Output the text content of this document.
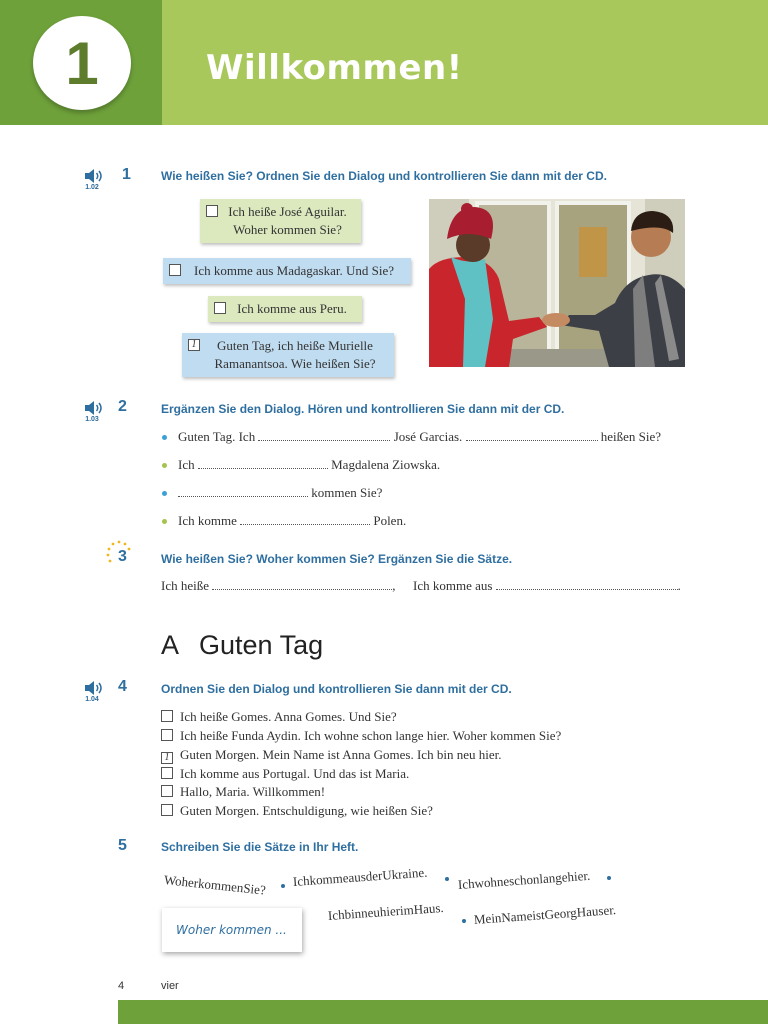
1	Willkommen!
1.02
1	Wie heißen Sie? Ordnen Sie den Dialog und kontrollieren Sie dann mit der CD.
Ich heiße José Aguilar.
Woher kommen Sie?
Ich komme aus Madagaskar. Und Sie?
Ich komme aus Peru.
1	Guten Tag, ich heiße Murielle
Ramanantsoa. Wie heißen Sie?
1.03
2	Ergänzen Sie den Dialog. Hören und kontrollieren Sie dann mit der CD.
Guten Tag. Ich	José Garcias.	heißen Sie?
Ich	Magdalena Ziowska.
kommen Sie?
Ich komme	Polen.
3	Wie heißen Sie? Woher kommen Sie? Ergänzen Sie die Sätze.
Ich heiße	, Ich komme aus	.
A Guten Tag
1.04
4	Ordnen Sie den Dialog und kontrollieren Sie dann mit der CD.
Ich heiße Gomes. Anna Gomes. Und Sie?
Ich heiße Funda Aydin. Ich wohne schon lange hier. Woher kommen Sie?
1 Guten Morgen. Mein Name ist Anna Gomes. Ich bin neu hier.
Ich komme aus Portugal. Und das ist Maria.
Hallo, Maria. Willkommen!
Guten Morgen. Entschuldigung, wie heißen Sie?
5	Schreiben Sie die Sätze in Ihr Heft.
WoherkommenSie? IchkommeausderUkraine. Ichwohneschonlangehier.
IchbinneuhierimHaus. MeinNameistGeorgHauser.
Woher kommen ...
4	vier
